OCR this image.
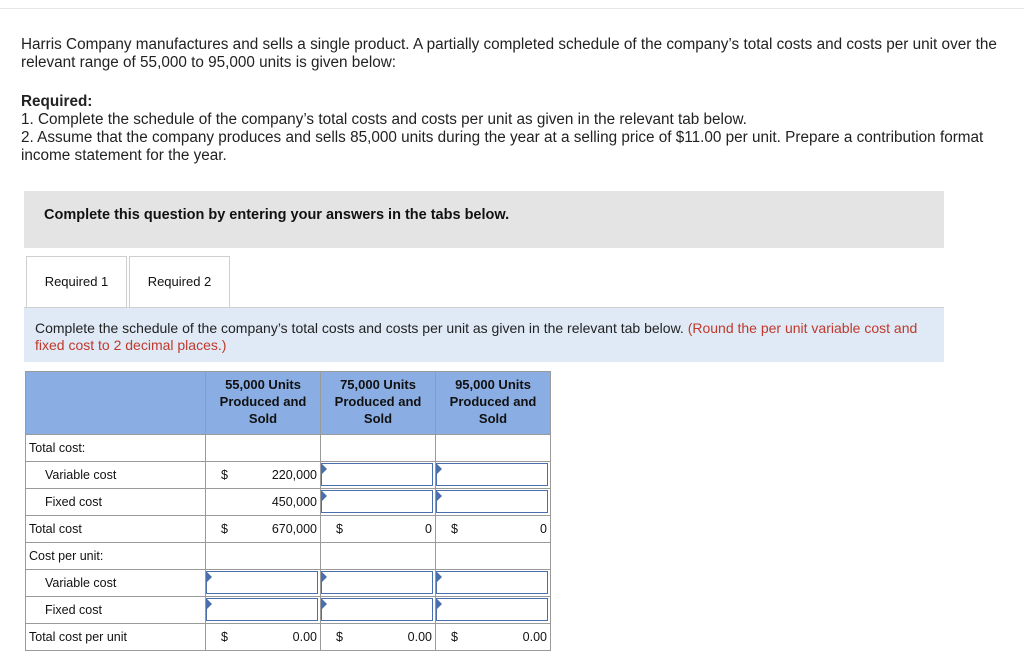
Harris Company manufactures and sells a single product. A partially completed schedule of the company’s total costs and costs per unit over the relevant range of 55,000 to 95,000 units is given below:
Required:
1. Complete the schedule of the company’s total costs and costs per unit as given in the relevant tab below.
2. Assume that the company produces and sells 85,000 units during the year at a selling price of $11.00 per unit. Prepare a contribution format income statement for the year.
Complete this question by entering your answers in the tabs below.
Required 1	Required 2
Complete the schedule of the company’s total costs and costs per unit as given in the relevant tab below. (Round the per unit variable cost and fixed cost to 2 decimal places.)
	55,000 Units Produced and Sold	75,000 Units Produced and Sold	95,000 Units Produced and Sold
Total cost:			
Variable cost	$ 220,000		

Fixed cost	450,000		

Total cost	$ 670,000	$ 0	$ 0

Cost per unit:			
Variable cost	

Fixed cost	

Total cost per unit	$ 0.00	$ 0.00	$ 0.00
